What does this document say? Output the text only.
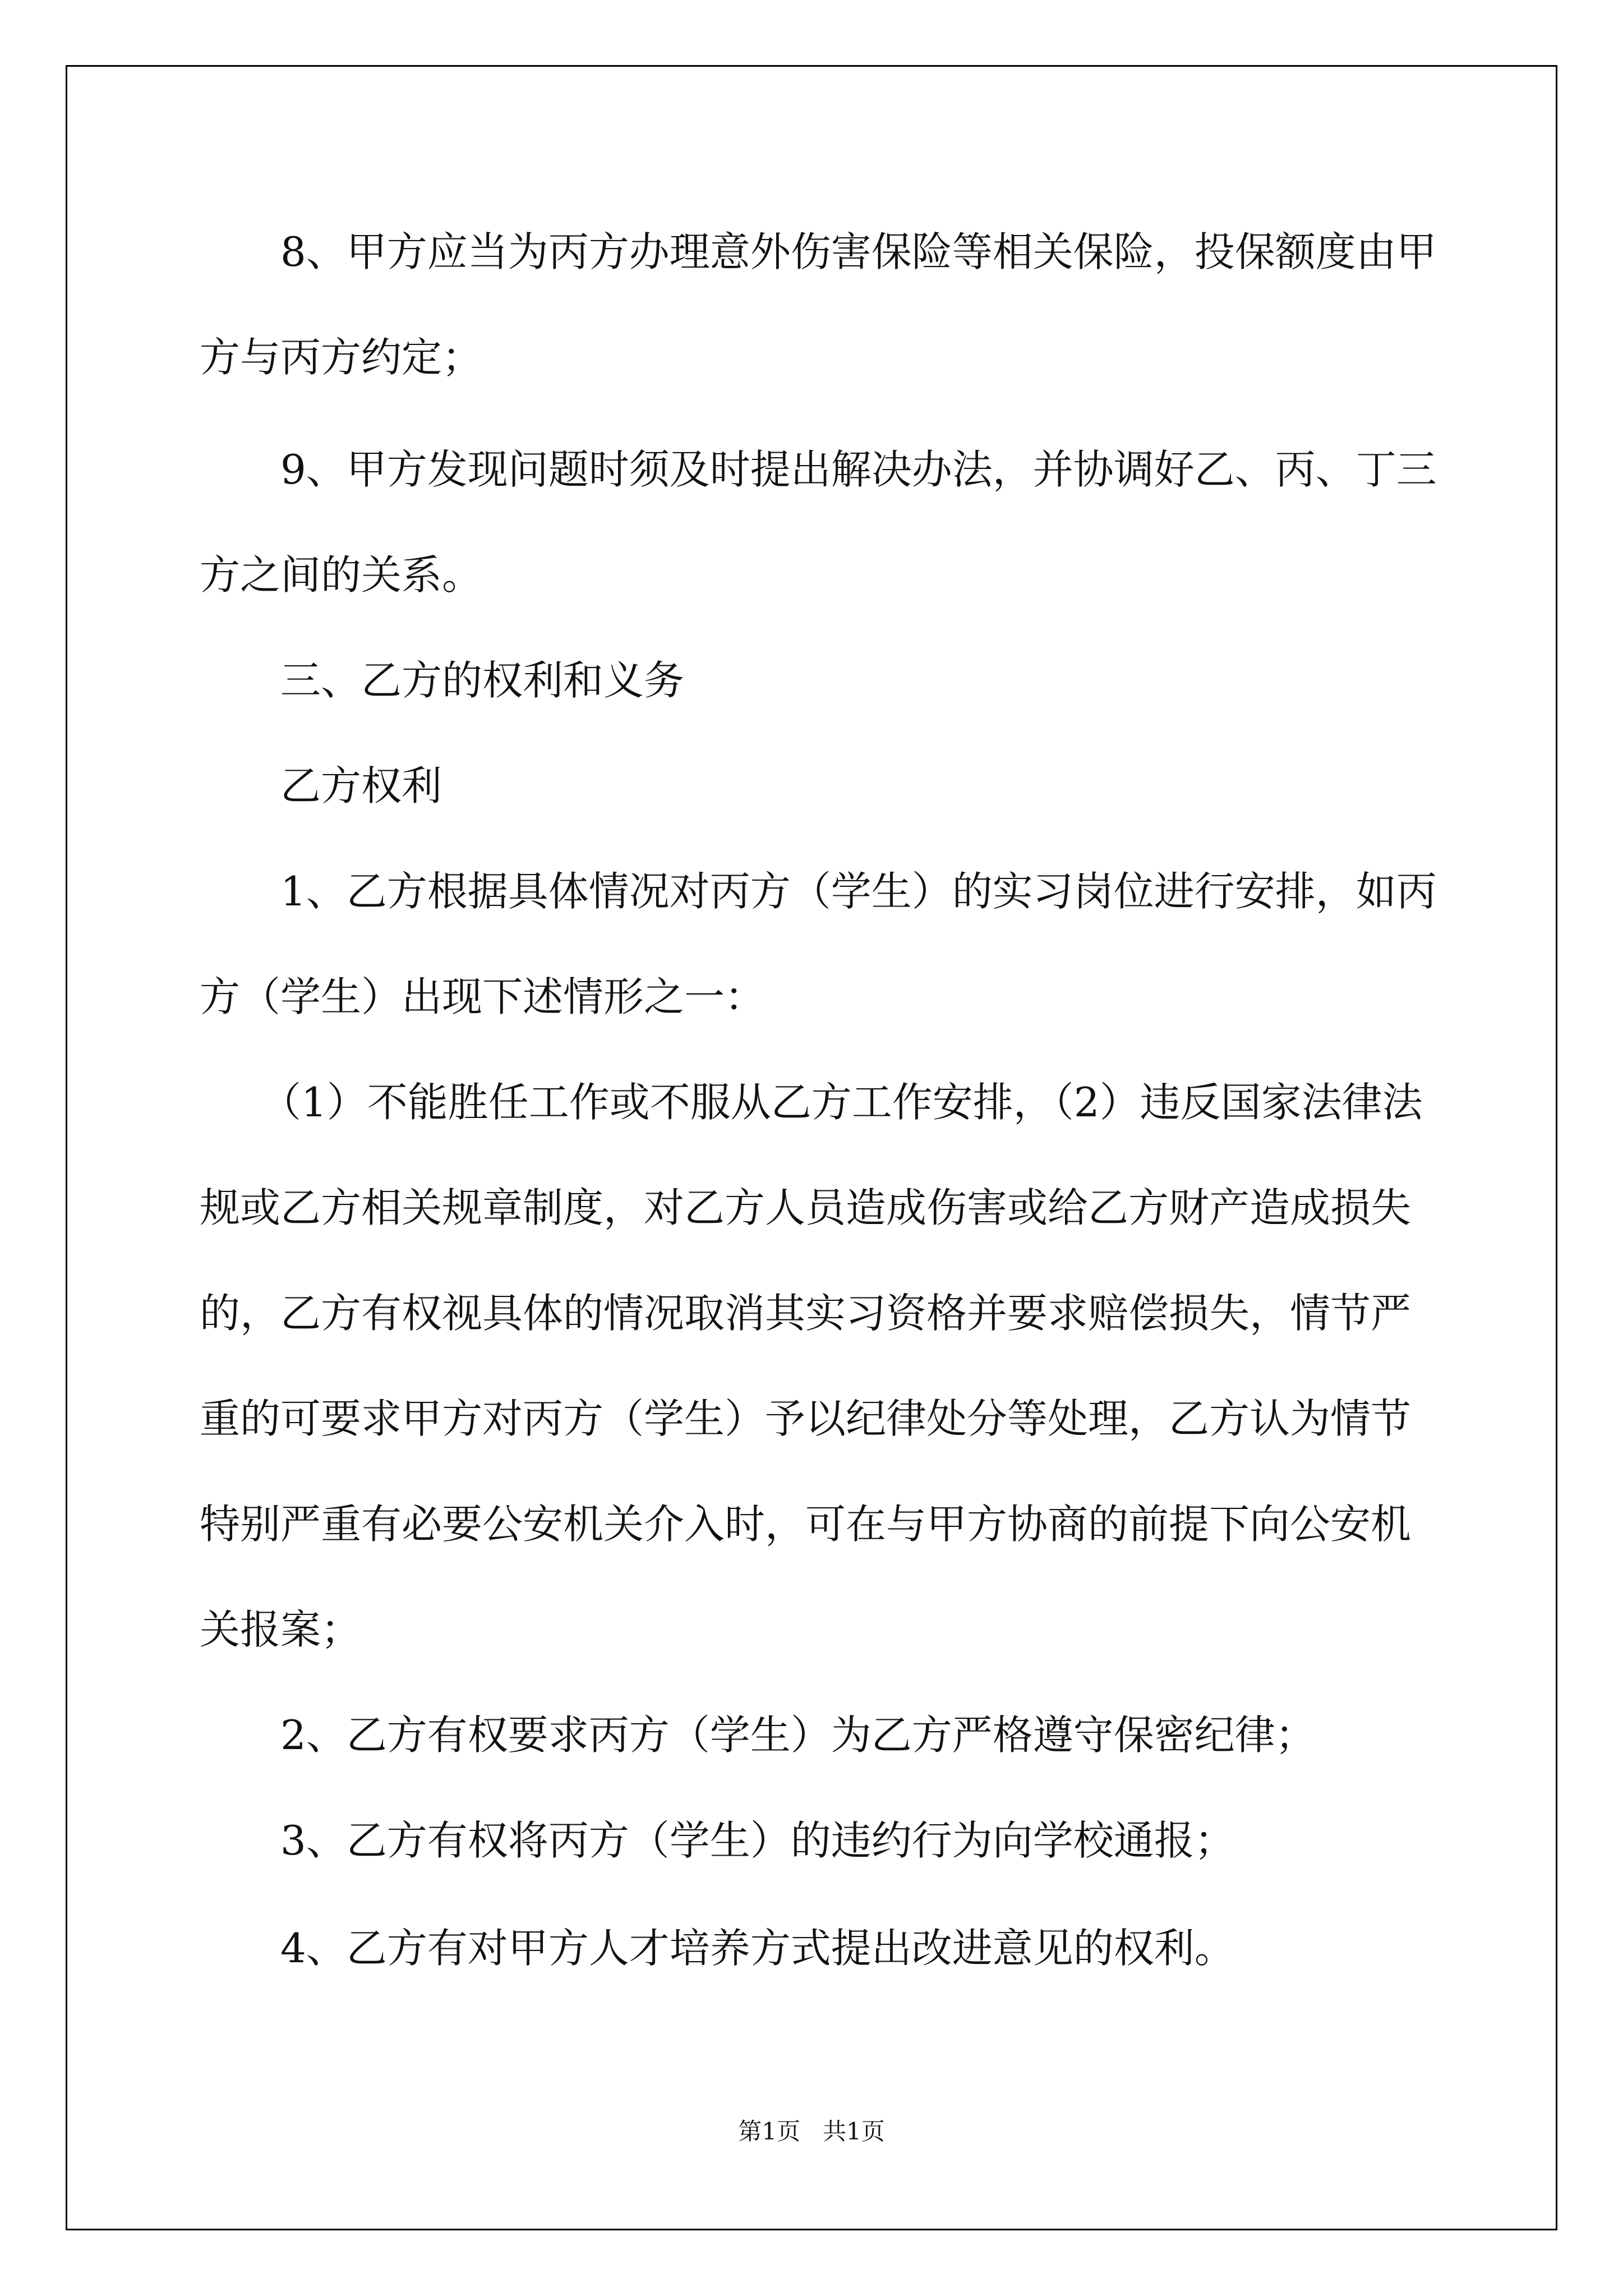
8、甲方应当为丙方办理意外伤害保险等相关保险，投保额度由甲
方与丙方约定；
9、甲方发现问题时须及时提出解决办法，并协调好乙、丙、丁三
方之间的关系。
三、乙方的权利和义务
乙方权利
1、乙方根据具体情况对丙方（学生）的实习岗位进行安排，如丙
方（学生）出现下述情形之一：
（1）不能胜任工作或不服从乙方工作安排，（2）违反国家法律法
规或乙方相关规章制度，对乙方人员造成伤害或给乙方财产造成损失
的，乙方有权视具体的情况取消其实习资格并要求赔偿损失，情节严
重的可要求甲方对丙方（学生）予以纪律处分等处理，乙方认为情节
特别严重有必要公安机关介入时，可在与甲方协商的前提下向公安机
关报案；
2、乙方有权要求丙方（学生）为乙方严格遵守保密纪律；
3、乙方有权将丙方（学生）的违约行为向学校通报；
4、乙方有对甲方人才培养方式提出改进意见的权利。
第1页   共1页
